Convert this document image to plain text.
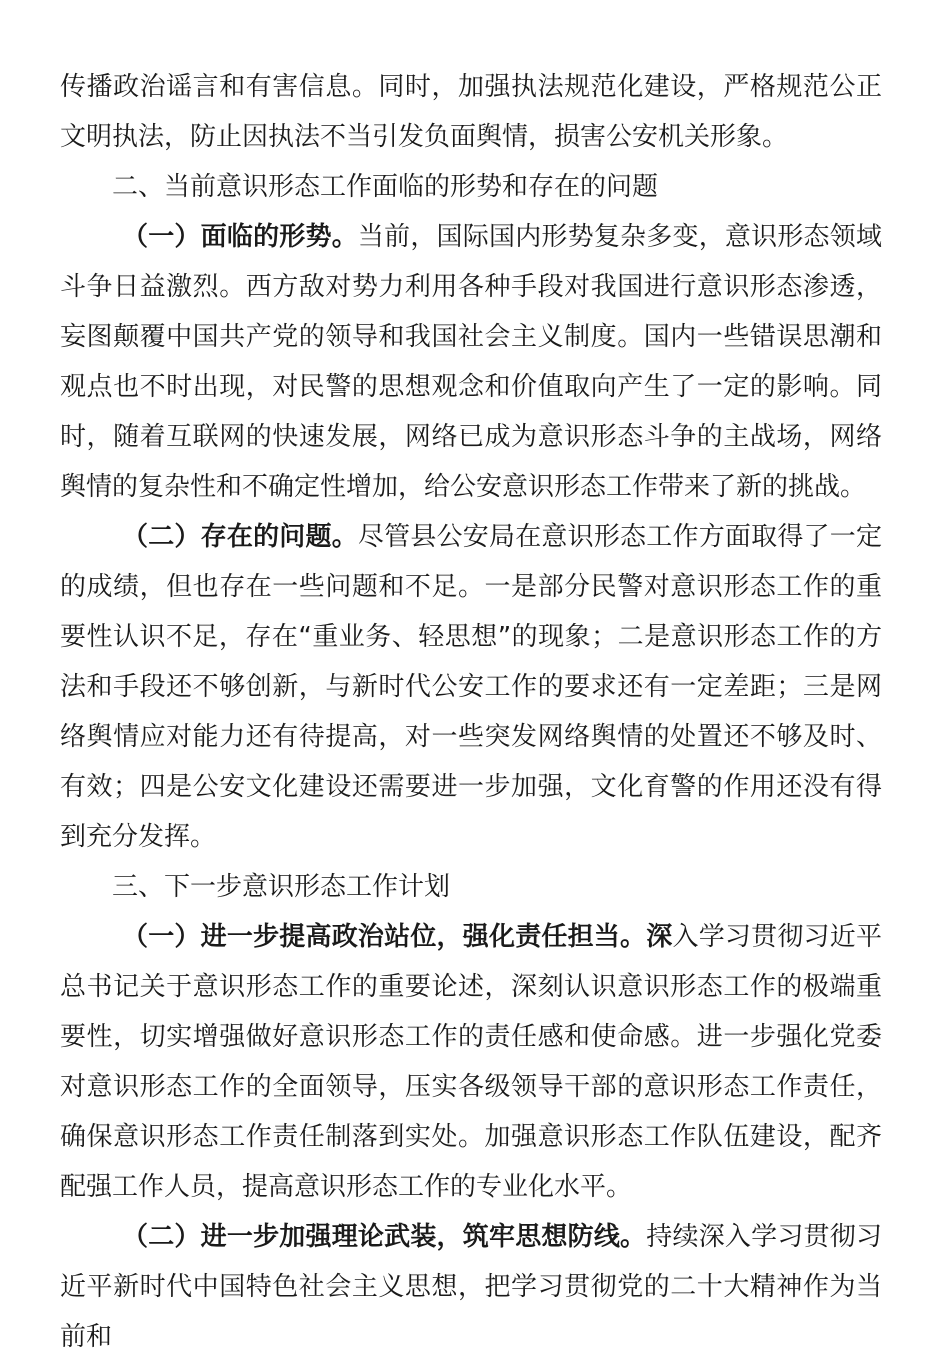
传播政治谣言和有害信息。同时，加强执法规范化建设，严格规范公正文明执法，防止因执法不当引发负面舆情，损害公安机关形象。

二、当前意识形态工作面临的形势和存在的问题

（一）面临的形势。当前，国际国内形势复杂多变，意识形态领域斗争日益激烈。西方敌对势力利用各种手段对我国进行意识形态渗透，妄图颠覆中国共产党的领导和我国社会主义制度。国内一些错误思潮和观点也不时出现，对民警的思想观念和价值取向产生了一定的影响。同时，随着互联网的快速发展，网络已成为意识形态斗争的主战场，网络舆情的复杂性和不确定性增加，给公安意识形态工作带来了新的挑战。

（二）存在的问题。尽管县公安局在意识形态工作方面取得了一定的成绩，但也存在一些问题和不足。一是部分民警对意识形态工作的重要性认识不足，存在“重业务、轻思想”的现象；二是意识形态工作的方法和手段还不够创新，与新时代公安工作的要求还有一定差距；三是网络舆情应对能力还有待提高，对一些突发网络舆情的处置还不够及时、有效；四是公安文化建设还需要进一步加强，文化育警的作用还没有得到充分发挥。

三、下一步意识形态工作计划

（一）进一步提高政治站位，强化责任担当。深入学习贯彻习近平总书记关于意识形态工作的重要论述，深刻认识意识形态工作的极端重要性，切实增强做好意识形态工作的责任感和使命感。进一步强化党委对意识形态工作的全面领导，压实各级领导干部的意识形态工作责任，确保意识形态工作责任制落到实处。加强意识形态工作队伍建设，配齐配强工作人员，提高意识形态工作的专业化水平。

（二）进一步加强理论武装，筑牢思想防线。持续深入学习贯彻习近平新时代中国特色社会主义思想，把学习贯彻党的二十大精神作为当前和
